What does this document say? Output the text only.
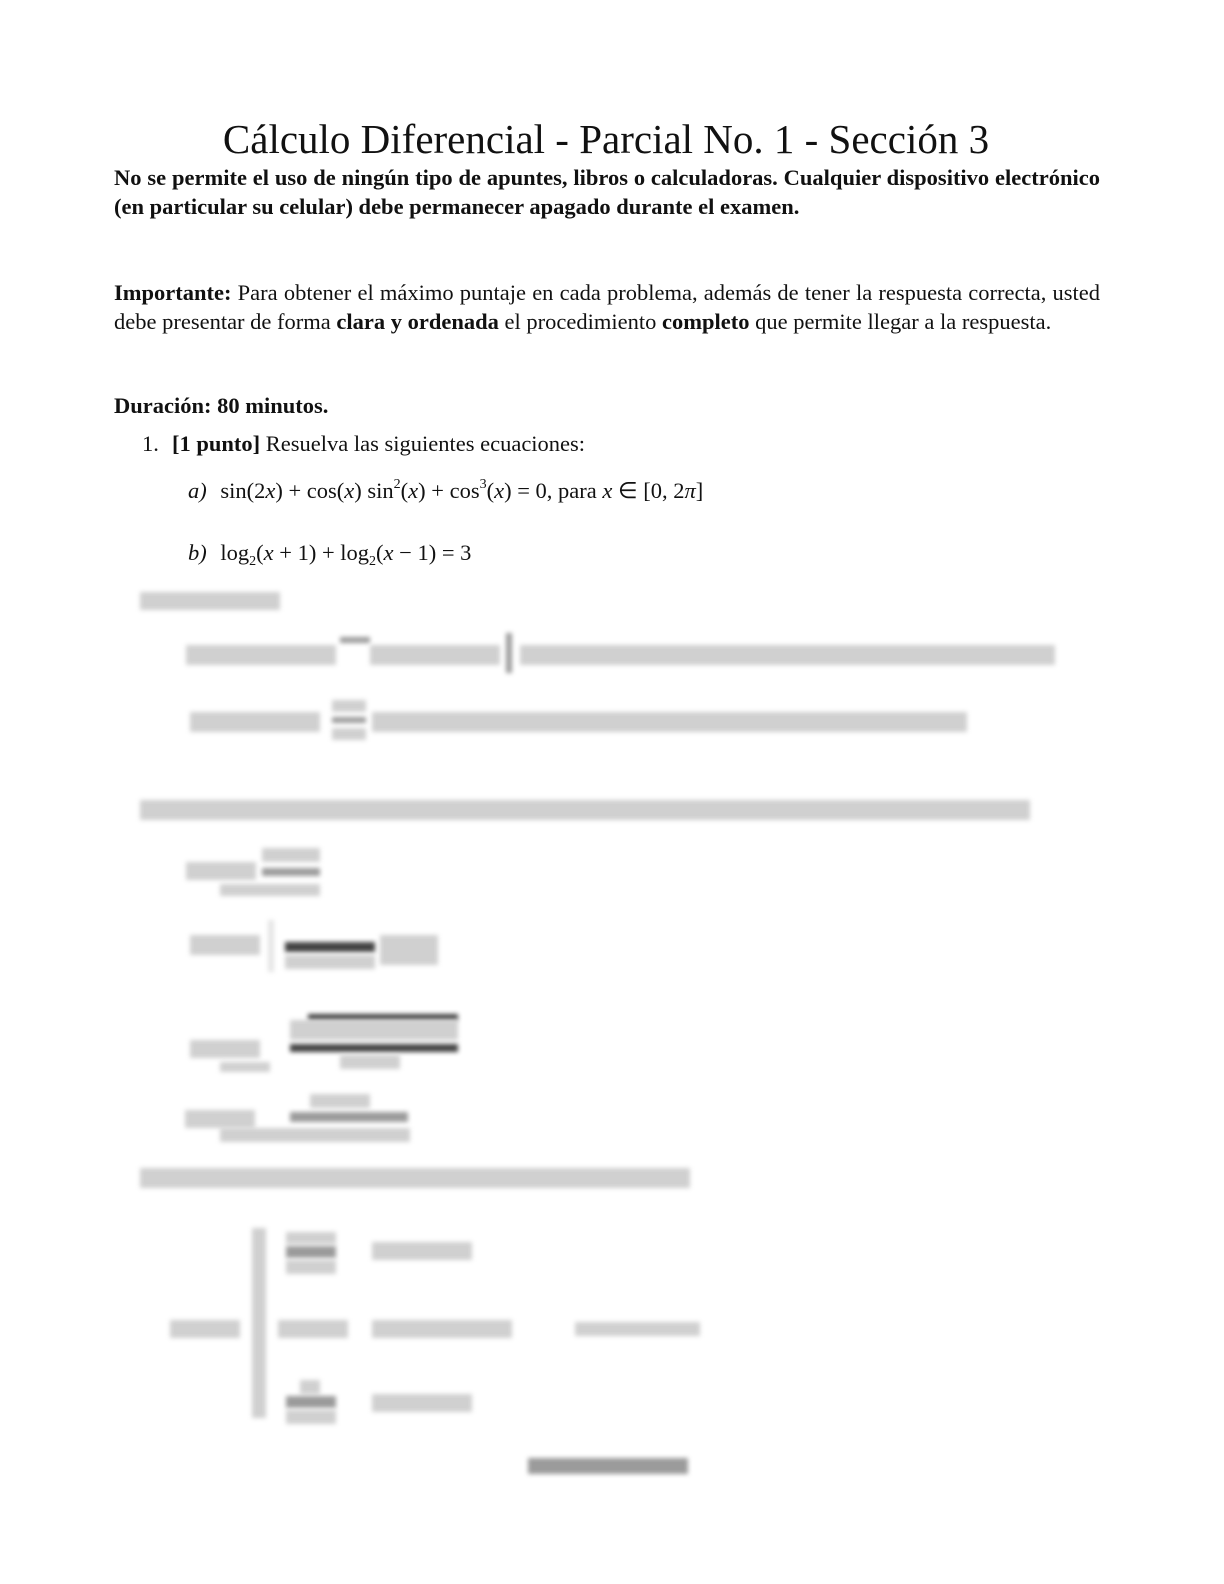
Cálculo Diferencial - Parcial No. 1 - Sección 3
No se permite el uso de ningún tipo de apuntes, libros o calculadoras. Cualquier dispositivo electrónico (en particular su celular) debe permanecer apagado durante el examen.
Importante: Para obtener el máximo puntaje en cada problema, además de tener la respuesta correcta, usted debe presentar de forma clara y ordenada el procedimiento completo que permite llegar a la respuesta.
Duración: 80 minutos.
1. [1 punto] Resuelva las siguientes ecuaciones:
a) sin(2x) + cos(x) $\sin^2(x) + \cos^3(x) = 0$, para x ∈ [0, 2π]
b) $\log_2(x + 1) + \log_2(x - 1) = 3$
